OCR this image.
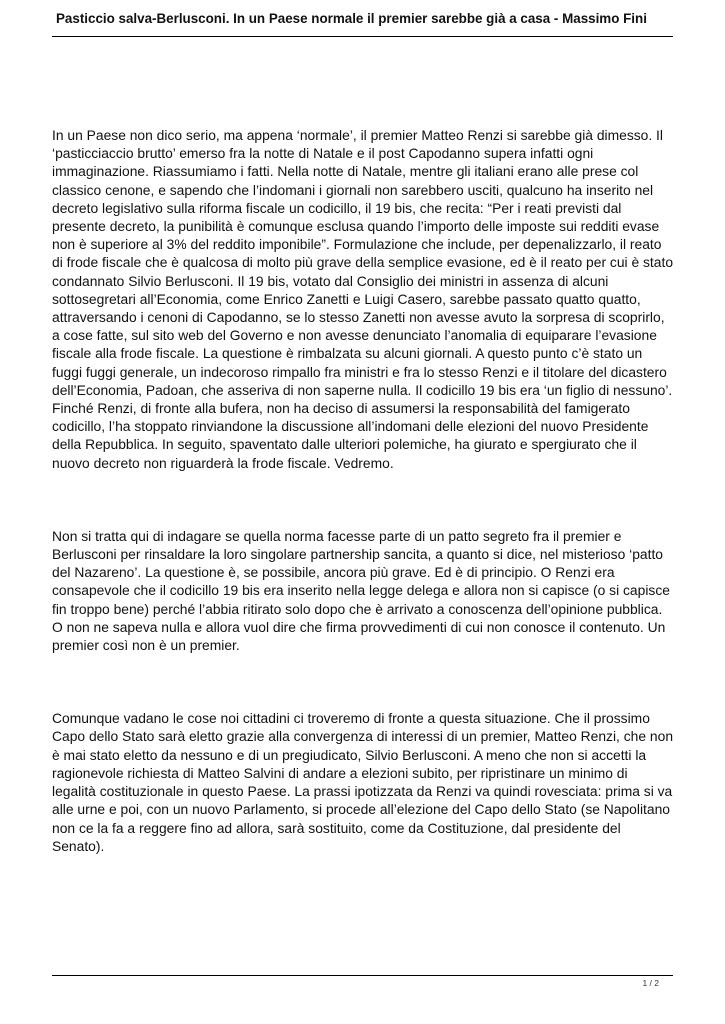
Pasticcio salva-Berlusconi. In un Paese normale il premier sarebbe già a casa - Massimo Fini

In un Paese non dico serio, ma appena ‘normale’, il premier Matteo Renzi si sarebbe già dimesso. Il ‘pasticciaccio brutto’ emerso fra la notte di Natale e il post Capodanno supera infatti ogni immaginazione. Riassumiamo i fatti. Nella notte di Natale, mentre gli italiani erano alle prese col classico cenone, e sapendo che l’indomani i giornali non sarebbero usciti, qualcuno ha inserito nel decreto legislativo sulla riforma fiscale un codicillo, il 19 bis, che recita: “Per i reati previsti dal presente decreto, la punibilità è comunque esclusa quando l’importo delle imposte sui redditi evase non è superiore al 3% del reddito imponibile”. Formulazione che include, per depenalizzarlo, il reato di frode fiscale che è qualcosa di molto più grave della semplice evasione, ed è il reato per cui è stato condannato Silvio Berlusconi. Il 19 bis, votato dal Consiglio dei ministri in assenza di alcuni sottosegretari all’Economia, come Enrico Zanetti e Luigi Casero, sarebbe passato quatto quatto, attraversando i cenoni di Capodanno, se lo stesso Zanetti non avesse avuto la sorpresa di scoprirlo, a cose fatte, sul sito web del Governo e non avesse denunciato l’anomalia di equiparare l’evasione fiscale alla frode fiscale. La questione è rimbalzata su alcuni giornali. A questo punto c’è stato un fuggi fuggi generale, un indecoroso rimpallo fra ministri e fra lo stesso Renzi e il titolare del dicastero dell’Economia, Padoan, che asseriva di non saperne nulla. Il codicillo 19 bis era ‘un figlio di nessuno’. Finché Renzi, di fronte alla bufera, non ha deciso di assumersi la responsabilità del famigerato codicillo, l’ha stoppato rinviandone la discussione all’indomani delle elezioni del nuovo Presidente della Repubblica. In seguito, spaventato dalle ulteriori polemiche, ha giurato e spergiurato che il nuovo decreto non riguarderà la frode fiscale. Vedremo.

Non si tratta qui di indagare se quella norma facesse parte di un patto segreto fra il premier e Berlusconi per rinsaldare la loro singolare partnership sancita, a quanto si dice, nel misterioso ‘patto del Nazareno’. La questione è, se possibile, ancora più grave. Ed è di principio. O Renzi era consapevole che il codicillo 19 bis era inserito nella legge delega e allora non si capisce (o si capisce fin troppo bene) perché l’abbia ritirato solo dopo che è arrivato a conoscenza dell’opinione pubblica. O non ne sapeva nulla e allora vuol dire che firma provvedimenti di cui non conosce il contenuto. Un premier così non è un premier.

Comunque vadano le cose noi cittadini ci troveremo di fronte a questa situazione. Che il prossimo Capo dello Stato sarà eletto grazie alla convergenza di interessi di un premier, Matteo Renzi, che non è mai stato eletto da nessuno e di un pregiudicato, Silvio Berlusconi. A meno che non si accetti la ragionevole richiesta di Matteo Salvini di andare a elezioni subito, per ripristinare un minimo di legalità costituzionale in questo Paese. La prassi ipotizzata da Renzi va quindi rovesciata: prima si va alle urne e poi, con un nuovo Parlamento, si procede all’elezione del Capo dello Stato (se Napolitano non ce la fa a reggere fino ad allora, sarà sostituito, come da Costituzione, dal presidente del Senato).

1 / 2
